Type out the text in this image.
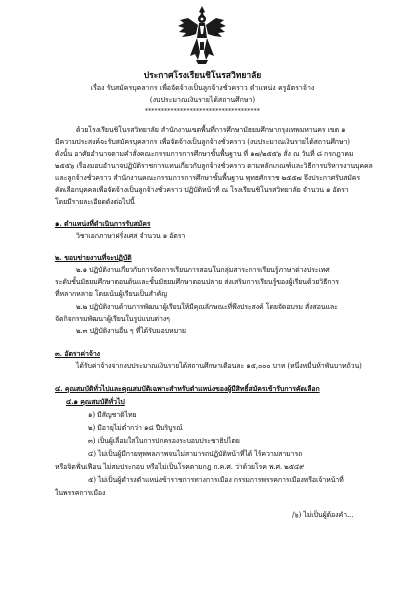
ประกาศโรงเรียนชิโนรสวิทยาลัย
เรื่อง รับสมัครบุคลากร เพื่อจัดจ้างเป็นลูกจ้างชั่วคราว ตำแหน่ง ครูอัตราจ้าง
(งบประมาณเงินรายได้สถานศึกษา)
************************************
ด้วยโรงเรียนชิโนรสวิทยาลัย สำนักงานเขตพื้นที่การศึกษามัธยมศึกษากรุงเทพมหานคร เขต ๑
มีความประสงค์จะรับสมัครบุคลากร เพื่อจัดจ้างเป็นลูกจ้างชั่วคราว (งบประมาณเงินรายได้สถานศึกษา)
ดังนั้น อาศัยอำนาจตามคำสั่งคณะกรรมการการศึกษาขั้นพื้นฐาน ที่ ๑๗/๒๕๕๖ สั่ง ณ วันที่ ๘ กรกฎาคม
๒๕๕๖ เรื่องมอบอำนาจปฏิบัติราชการแทนเกี่ยวกับลูกจ้างชั่วคราว ตามหลักเกณฑ์และวิธีการบริหารงานบุคคล
และลูกจ้างชั่วคราว สำนักงานคณะกรรมการการศึกษาขั้นพื้นฐาน พุทธศักราช ๒๕๕๗ จึงประกาศรับสมัคร
คัดเลือกบุคคลเพื่อจัดจ้างเป็นลูกจ้างชั่วคราว ปฏิบัติหน้าที่ ณ โรงเรียนชิโนรสวิทยาลัย จำนวน ๑ อัตรา
โดยมีรายละเอียดดังต่อไปนี้
๑. ตำแหน่งที่ดำเนินการรับสมัคร
วิชาเอกภาษาฝรั่งเศส จำนวน ๑ อัตรา
๒. ขอบข่ายงานที่จะปฏิบัติ
๒.๑ ปฏิบัติงานเกี่ยวกับการจัดการเรียนการสอนในกลุ่มสาระการเรียนรู้ภาษาต่างประเทศ
ระดับชั้นมัธยมศึกษาตอนต้นและชั้นมัธยมศึกษาตอนปลาย ส่งเสริมการเรียนรู้ของผู้เรียนด้วยวิธีการ
ที่หลากหลาย โดยเน้นผู้เรียนเป็นสำคัญ
๒.๒ ปฏิบัติงานด้านการพัฒนาผู้เรียนให้มีคุณลักษณะที่พึงประสงค์ โดยจัดอบรม สั่งสอนและ
จัดกิจกรรมพัฒนาผู้เรียนในรูปแบบต่างๆ
๒.๓ ปฏิบัติงานอื่น ๆ ที่ได้รับมอบหมาย
๓. อัตราค่าจ้าง
ได้รับค่าจ้างจากงบประมาณเงินรายได้สถานศึกษาเดือนละ ๑๕,๐๐๐ บาท (หนึ่งหมื่นห้าพันบาทถ้วน)
๔. คุณสมบัติทั่วไปและคุณสมบัติเฉพาะสำหรับตำแหน่งของผู้มีสิทธิ์สมัครเข้ารับการคัดเลือก
๔.๑ คุณสมบัติทั่วไป
๑) มีสัญชาติไทย
๒) มีอายุไม่ต่ำกว่า ๑๘ ปีบริบูรณ์
๓) เป็นผู้เลื่อมใสในการปกครองระบอบประชาธิปไตย
๔) ไม่เป็นผู้มีกายทุพพลภาพจนไม่สามารถปฏิบัติหน้าที่ได้ ไร้ความสามารถ
หรือจิตฟั่นเฟือน ไม่สมประกอบ หรือไม่เป็นโรคตามกฎ ก.ค.ศ. ว่าด้วยโรค พ.ศ. ๒๕๔๙
๕) ไม่เป็นผู้ดำรงตำแหน่งข้าราชการทางการเมือง กรรมการพรรคการเมืองหรือเจ้าหน้าที่
ในพรรคการเมือง
/๖) ไม่เป็นผู้ต้องคำ...
